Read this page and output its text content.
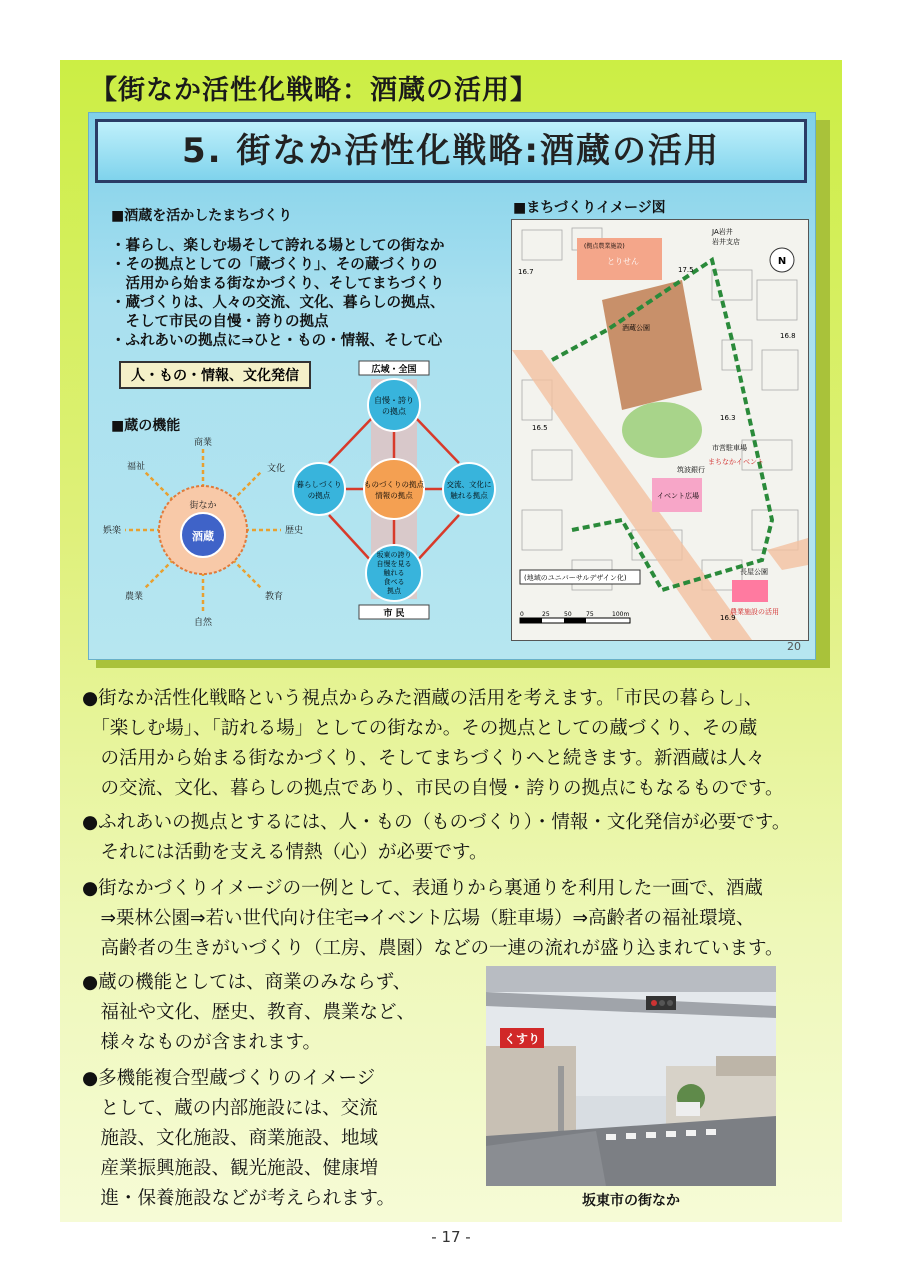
【街なか活性化戦略：酒蔵の活用】
5. 街なか活性化戦略:酒蔵の活用
■酒蔵を活かしたまちづくり
・暮らし、楽しむ場そして誇れる場としての街なか
・その拠点としての「蔵づくり」、その蔵づくりの
　活用から始まる街なかづくり、そしてまちづくり
・蔵づくりは、人々の交流、文化、暮らしの拠点、
　そして市民の自慢・誇りの拠点
・ふれあいの拠点に⇒ひと・もの・情報、そして心
人・もの・情報、文化発信
■蔵の機能
酒蔵
街なか
商業
文化
歴史
教育
自然
農業
娯楽
福祉
広域・全国
ものづくりの拠点
情報の拠点
自慢・誇り
の拠点
暮らしづくり
の拠点
交流、文化に
触れる拠点
坂東の誇り
自慢を見る
触れる
食べる
拠点
市 民
■まちづくりイメージ図
N
JA岩井
岩井支店
とりせん
(拠点農業施設)
16.7	17.5
16.8
16.3
16.9
16.5
酒蔵公園
イベント広場
筑波銀行
市営駐車場
長屋公園
農業施設の活用
まちなかイベント
(地域のユニバーサルデザイン化)
0	25 50 75	100m
20
●街なか活性化戦略という視点からみた酒蔵の活用を考えます。「市民の暮らし」、
　「楽しむ場」、「訪れる場」としての街なか。その拠点としての蔵づくり、その蔵
　の活用から始まる街なかづくり、そしてまちづくりへと続きます。新酒蔵は人々
　の交流、文化、暮らしの拠点であり、市民の自慢・誇りの拠点にもなるものです。
●ふれあいの拠点とするには、人・もの（ものづくり）・情報・文化発信が必要です。
　それには活動を支える情熱（心）が必要です。
●街なかづくりイメージの一例として、表通りから裏通りを利用した一画で、酒蔵
　⇒栗林公園⇒若い世代向け住宅⇒イベント広場（駐車場）⇒高齢者の福祉環境、
　高齢者の生きがいづくり（工房、農園）などの一連の流れが盛り込まれています。
●蔵の機能としては、商業のみならず、
　福祉や文化、歴史、教育、農業など、
　様々なものが含まれます。
●多機能複合型蔵づくりのイメージ
　として、蔵の内部施設には、交流
　施設、文化施設、商業施設、地域
　産業振興施設、観光施設、健康増
　進・保養施設などが考えられます。
くすり
坂東市の街なか
- 17 -
